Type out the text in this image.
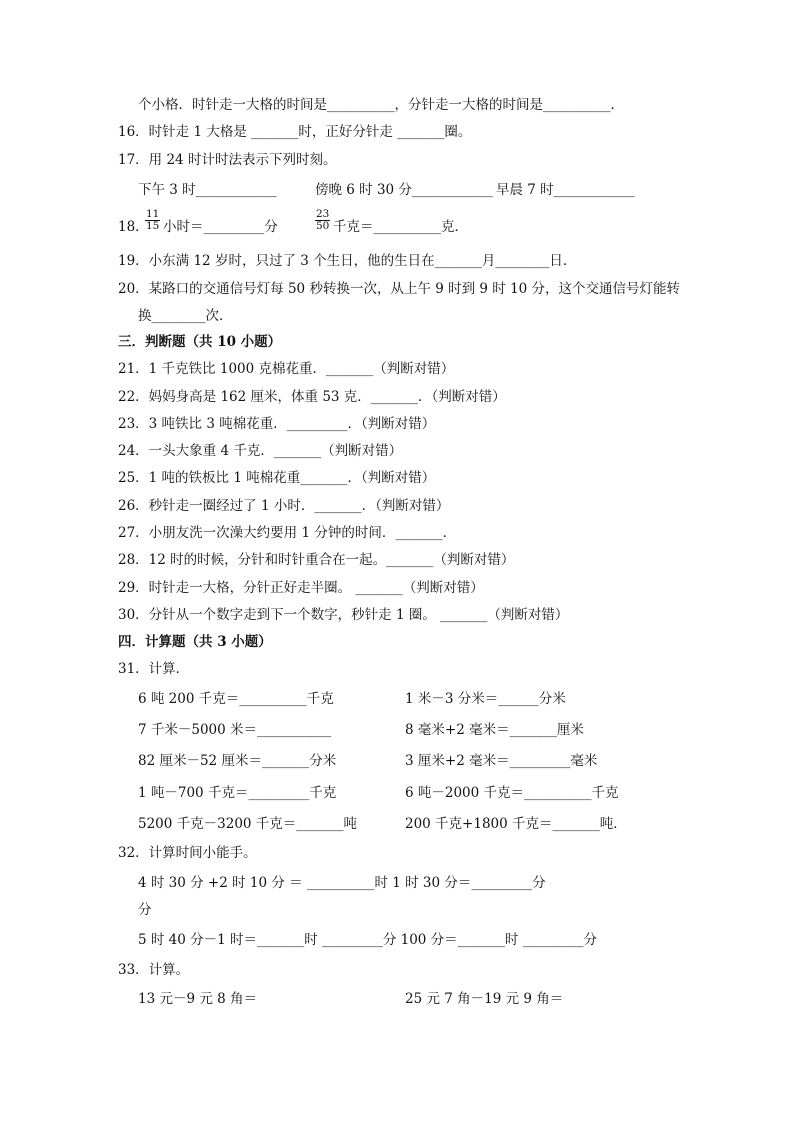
个小格．时针走一大格的时间是__________，分针走一大格的时间是__________．
16．时针走 1 大格是 _______时，正好分针走 _______圈。
17．用 24 时计时法表示下列时刻。
下午 3 时____________	傍晚 6 时 30 分____________ 早晨 7 时____________
18．
$\frac{11}{15}$ 小时＝_________分	$\frac{23}{50}$ 千克＝__________克．
19．小东满 12 岁时，只过了 3 个生日，他的生日在_______月________日．
20．某路口的交通信号灯每 50 秒转换一次，从上午 9 时到 9 时 10 分，这个交通信号灯能转
换________次．
三．判断题（共 10 小题）
21．1 千克铁比 1000 克棉花重．_______（判断对错）
22．妈妈身高是 162 厘米，体重 53 克．_______．（判断对错）
23．3 吨铁比 3 吨棉花重．_________．（判断对错）
24．一头大象重 4 千克．_______（判断对错）
25．1 吨的铁板比 1 吨棉花重_______．（判断对错）
26．秒针走一圈经过了 1 小时．_______．（判断对错）
27．小朋友洗一次澡大约要用 1 分钟的时间．_______．
28．12 时的时候，分针和时针重合在一起。_______（判断对错）
29．时针走一大格，分针正好走半圈。 _______（判断对错）
30．分针从一个数字走到下一个数字，秒针走 1 圈。 _______（判断对错）
四．计算题（共 3 小题）
31．计算．
6 吨 200 千克＝__________千克	1 米－3 分米＝______分米
7 千米－5000 米＝___________	8 毫米+2 毫米＝_______厘米
82 厘米－52 厘米＝_______分米	3 厘米+2 毫米＝_________毫米
1 吨－700 千克＝_________千克	6 吨－2000 千克＝__________千克
5200 千克－3200 千克＝_______吨	200 千克+1800 千克＝_______吨．
32．计算时间小能手。
4 时 30 分 +2 时 10 分 ＝ __________时 1 时 30 分＝_________分
分
5 时 40 分－1 时＝_______时 _________分 100 分＝_______时 _________分
33．计算。
13 元－9 元 8 角＝	25 元 7 角－19 元 9 角＝
